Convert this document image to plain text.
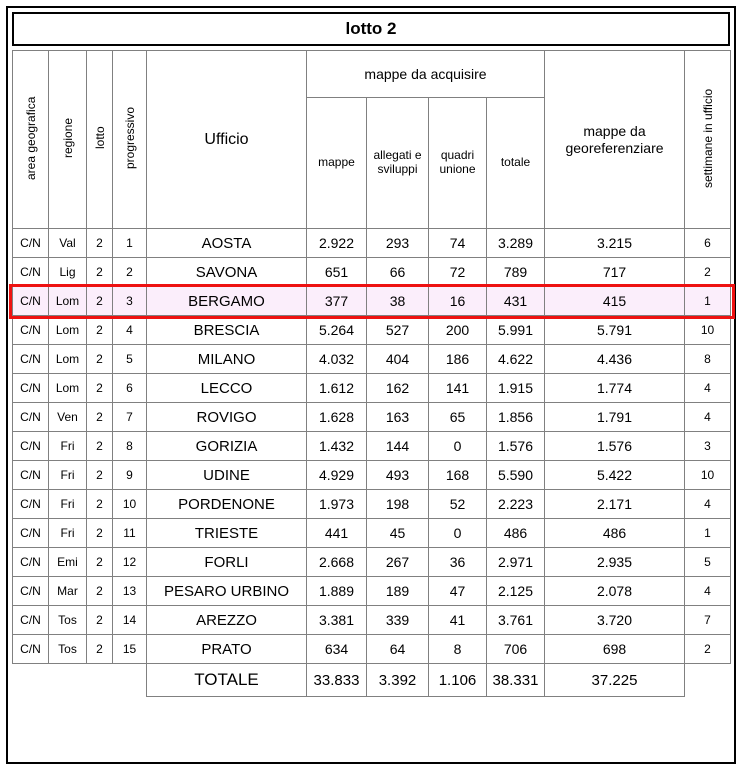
lotto 2
area geografica	regione	lotto	progressivo	Ufficio	mappe da acquisire				mappe da georeferenziare	settimane in ufficio
					mappe	allegati e sviluppi	quadri unione	totale		
C/N	Val	2	1	AOSTA	2.922	293	74	3.289	3.215	6
C/N	Lig	2	2	SAVONA	651	66	72	789	717	2
C/N	Lom	2	3	BERGAMO	377	38	16	431	415	1
C/N	Lom	2	4	BRESCIA	5.264	527	200	5.991	5.791	10
C/N	Lom	2	5	MILANO	4.032	404	186	4.622	4.436	8
C/N	Lom	2	6	LECCO	1.612	162	141	1.915	1.774	4
C/N	Ven	2	7	ROVIGO	1.628	163	65	1.856	1.791	4
C/N	Fri	2	8	GORIZIA	1.432	144	0	1.576	1.576	3
C/N	Fri	2	9	UDINE	4.929	493	168	5.590	5.422	10
C/N	Fri	2	10	PORDENONE	1.973	198	52	2.223	2.171	4
C/N	Fri	2	11	TRIESTE	441	45	0	486	486	1
C/N	Emi	2	12	FORLI	2.668	267	36	2.971	2.935	5
C/N	Mar	2	13	PESARO URBINO	1.889	189	47	2.125	2.078	4
C/N	Tos	2	14	AREZZO	3.381	339	41	3.761	3.720	7
C/N	Tos	2	15	PRATO	634	64	8	706	698	2
				TOTALE	33.833	3.392	1.106	38.331	37.225	
